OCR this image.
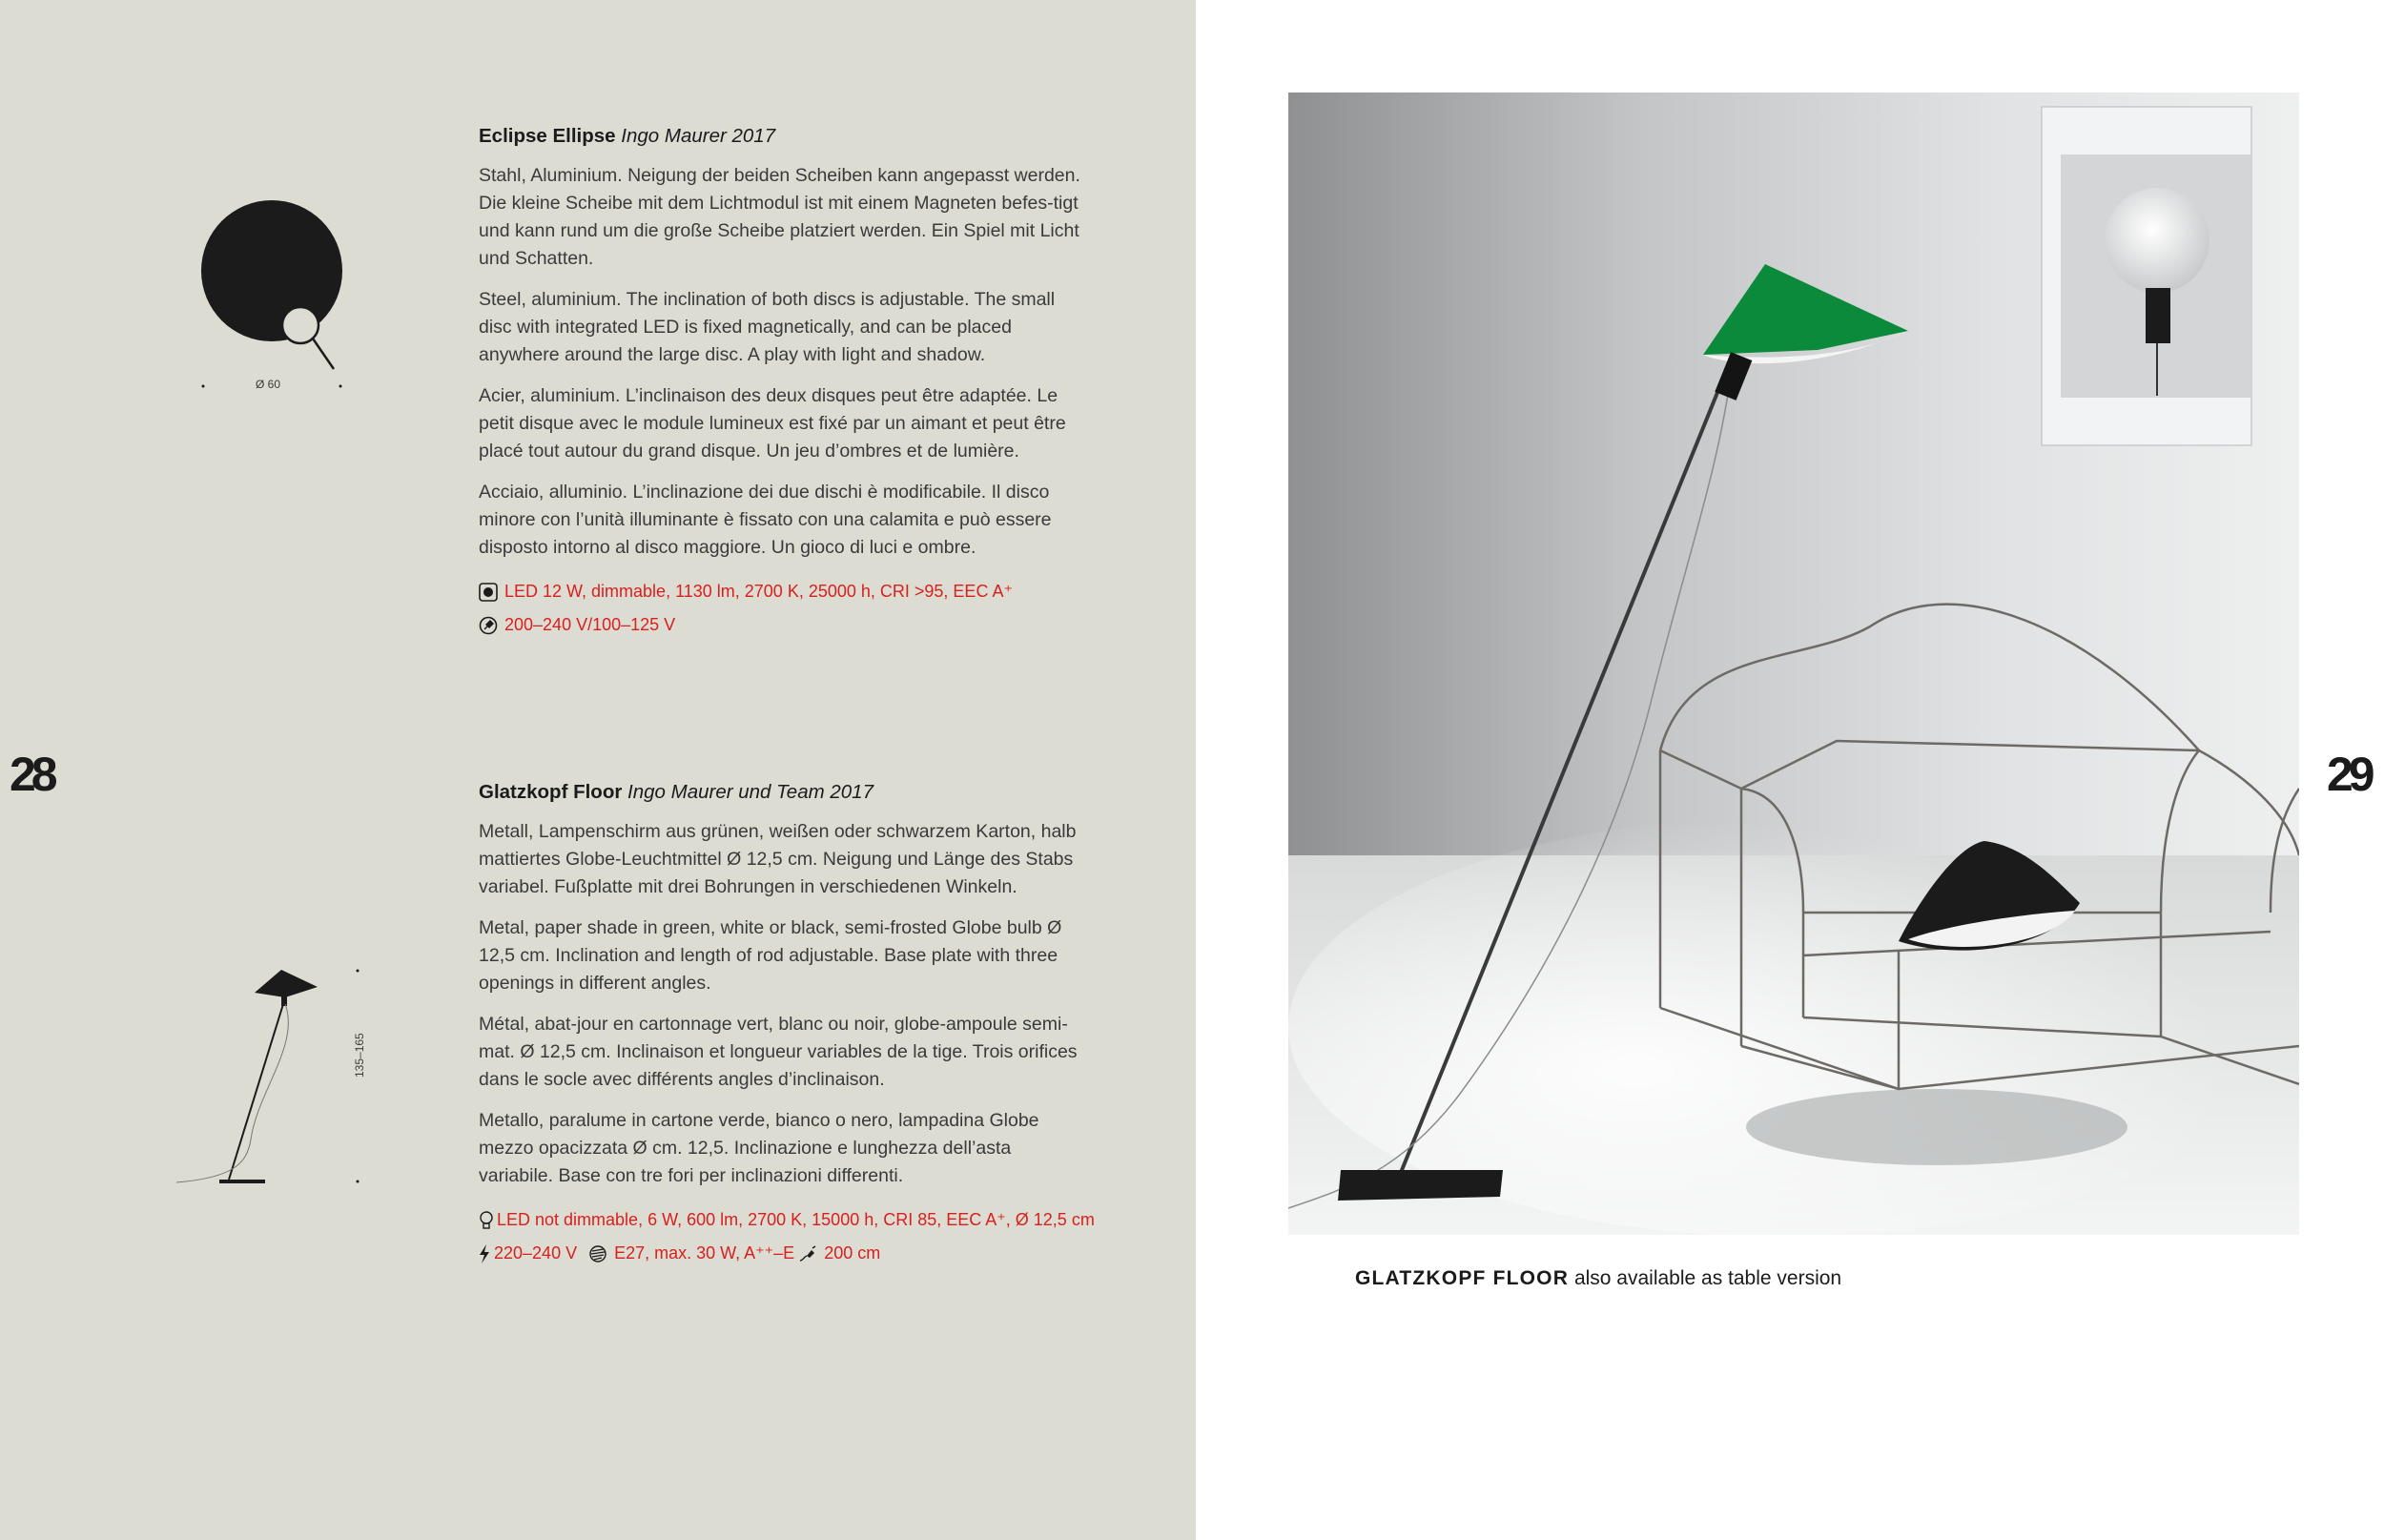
28
Ø 60
135–165
Eclipse Ellipse Ingo Maurer 2017

Stahl, Aluminium. Neigung der beiden Scheiben kann angepasst werden. Die kleine Scheibe mit dem Lichtmodul ist mit einem Magneten befes-tigt und kann rund um die große Scheibe platziert werden. Ein Spiel mit Licht und Schatten.

Steel, aluminium. The inclination of both discs is adjustable. The small disc with integrated LED is fixed magnetically, and can be placed anywhere around the large disc. A play with light and shadow.

Acier, aluminium. L’inclinaison des deux disques peut être adaptée. Le petit disque avec le module lumineux est fixé par un aimant et peut être placé tout autour du grand disque. Un jeu d’ombres et de lumière.

Acciaio, alluminio. L’inclinazione dei due dischi è modificabile. Il disco minore con l’unità illuminante è fissato con una calamita e può essere disposto intorno al disco maggiore. Un gioco di luci e ombre.

LED 12 W, dimmable, 1130 lm, 2700 K, 25000 h, CRI >95, EEC A⁺
200–240 V/100–125 V
Glatzkopf Floor Ingo Maurer und Team 2017

Metall, Lampenschirm aus grünen, weißen oder schwarzem Karton, halb mattiertes Globe-Leuchtmittel Ø 12,5 cm. Neigung und Länge des Stabs variabel. Fußplatte mit drei Bohrungen in verschiedenen Winkeln.

Metal, paper shade in green, white or black, semi-frosted Globe bulb Ø 12,5 cm. Inclination and length of rod adjustable. Base plate with three openings in different angles.

Métal, abat-jour en cartonnage vert, blanc ou noir, globe-ampoule semi-mat. Ø 12,5 cm. Inclinaison et longueur variables de la tige. Trois orifices dans le socle avec différents angles d’inclinaison.

Metallo, paralume in cartone verde, bianco o nero, lampadina Globe mezzo opacizzata Ø cm. 12,5. Inclinazione e lunghezza dell’asta variabile. Base con tre fori per inclinazioni differenti.

LED not dimmable, 6 W, 600 lm, 2700 K, 15000 h, CRI 85, EEC A⁺, Ø 12,5 cm
220–240 V E27, max. 30 W, A⁺⁺–E 200 cm
29
GLATZKOPF FLOOR also available as table version
